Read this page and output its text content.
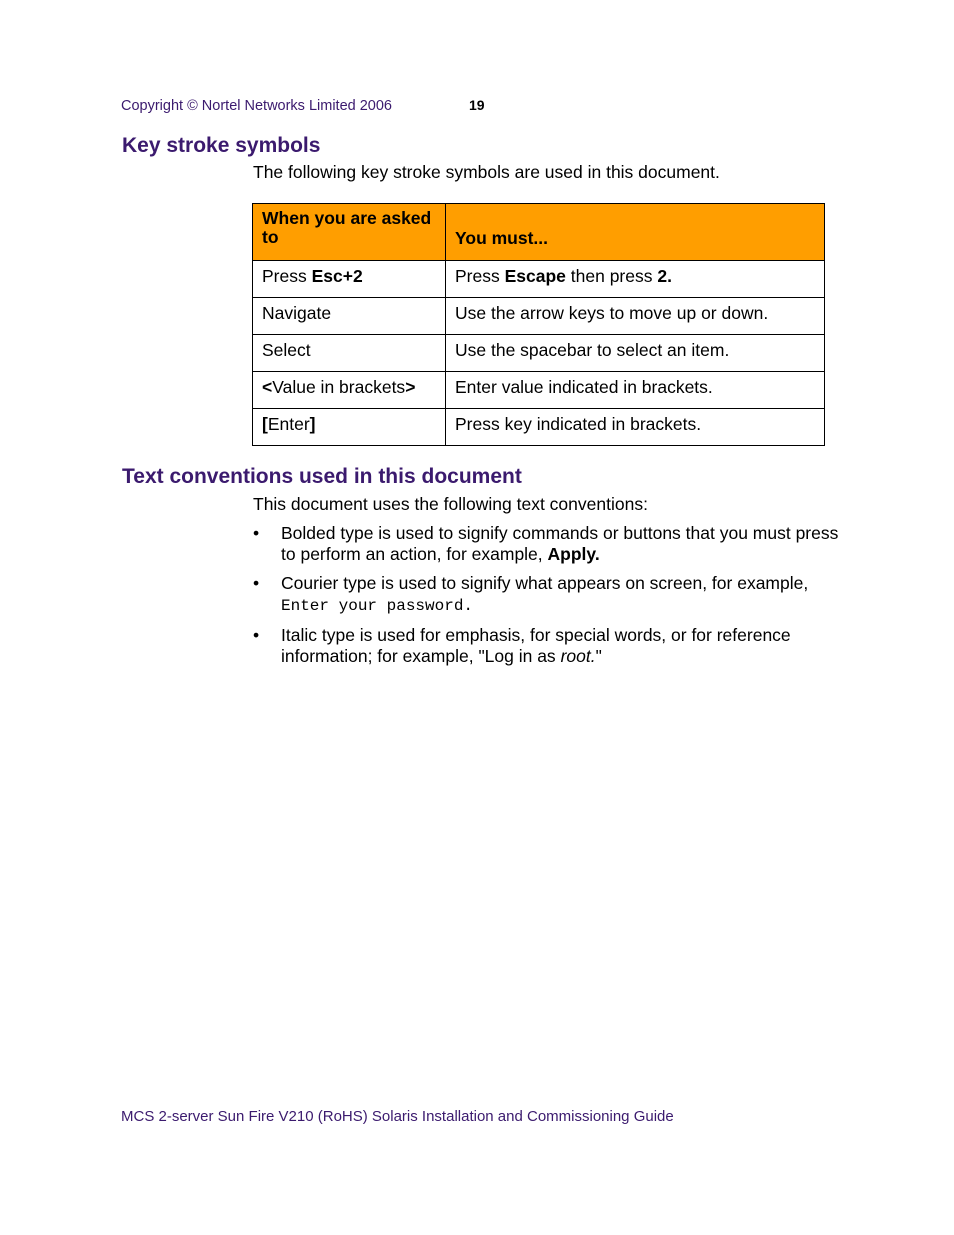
Copyright © Nortel Networks Limited 2006	19
Key stroke symbols
The following key stroke symbols are used in this document.
When you are asked to	You must...
Press Esc+2	Press Escape then press 2.
Navigate	Use the arrow keys to move up or down.
Select	Use the spacebar to select an item.
<Value in brackets>	Enter value indicated in brackets.
[Enter]	Press key indicated in brackets.
Text conventions used in this document
This document uses the following text conventions:
• Bolded type is used to signify commands or buttons that you must press to perform an action, for example, Apply.
• Courier type is used to signify what appears on screen, for example, Enter your password.
• Italic type is used for emphasis, for special words, or for reference information; for example, "Log in as root."
MCS 2-server Sun Fire V210 (RoHS) Solaris Installation and Commissioning Guide
